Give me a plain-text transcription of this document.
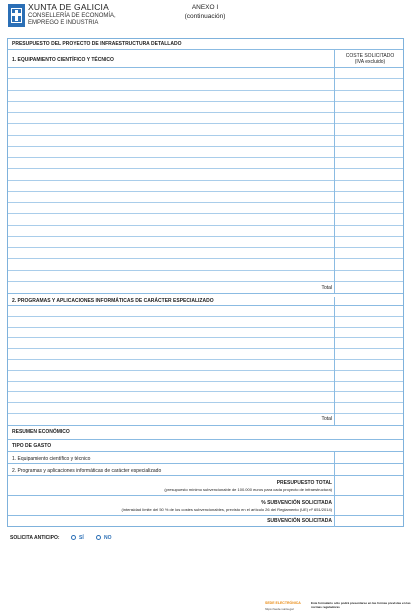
XUNTA DE GALICIA
CONSELLERÍA DE ECONOMÍA,
EMPREGO E INDUSTRIA
ANEXO I
(continuación)
PRESUPUESTO DEL PROYECTO DE INFRAESTRUCTURA DETALLADO
COSTE SOLICITADO
(IVA excluido)
1. EQUIPAMIENTO CIENTÍFICO Y TÉCNICO
Total
2. PROGRAMAS Y APLICACIONES INFORMÁTICAS DE CARÁCTER ESPECIALIZADO
Total
RESUMEN ECONÓMICO
TIPO DE GASTO
1. Equipamiento científico y técnico
2. Programas y aplicaciones informáticas de carácter especializado
PRESUPUESTO TOTAL
(presupuesto mínimo subvencionable de 100.000 euros para cada proyecto de infraestructura)
% SUBVENCIÓN SOLICITADA
(intensidad límite del 50 % de los costes subvencionables, previsto en el artículo 26 del Reglamento (UE) nº 651/2014)
SUBVENCIÓN SOLICITADA
SOLICITA ANTICIPO:	SÍ	NO
SEDE ELECTRÓNICA
https://sede.xunta.gal
Este formulario sólo podrá presentarse en las formas previstas en las normas reguladoras
